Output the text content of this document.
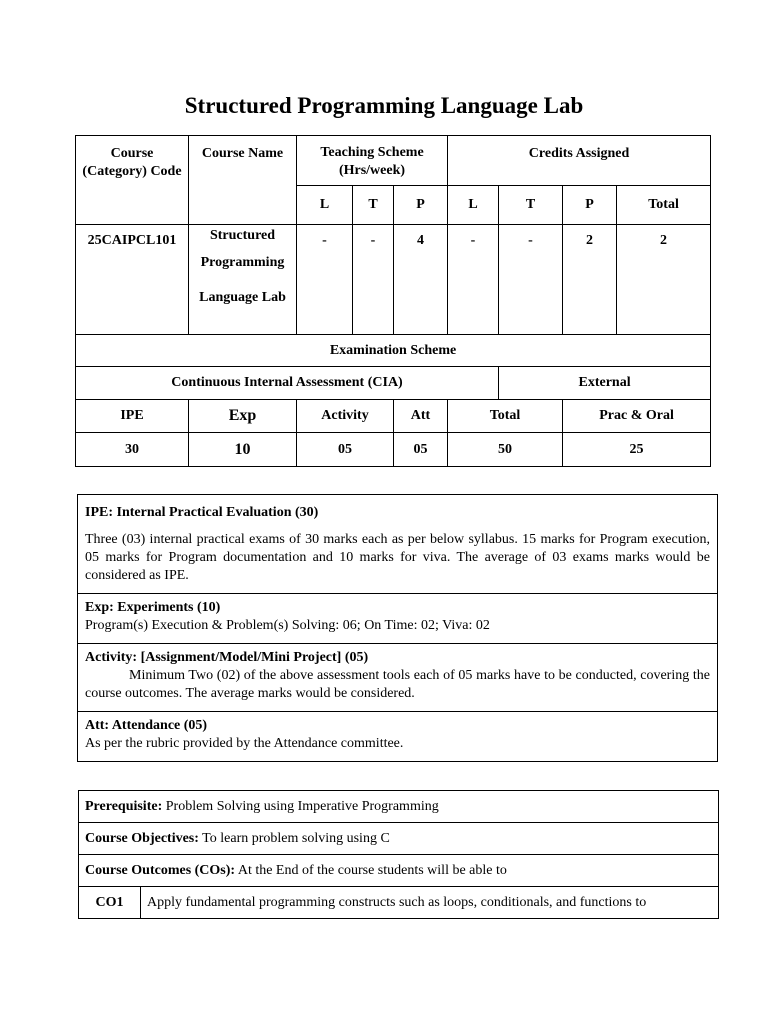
Structured Programming Language Lab
Course (Category) Code	Course Name	Teaching Scheme (Hrs/week)			Credits Assigned			
		L	T	P	L	T	P	Total
25CAIPCL101	Structured
Programming
Language Lab	-	-	4	-	-	2	2
Examination Scheme								
Continuous Internal Assessment (CIA)						External		
IPE	Exp	Activity		Att	Total		Prac & Oral	
30	10	05		05	50		25	
IPE: Internal Practical Evaluation (30)
Three (03) internal practical exams of 30 marks each as per below syllabus. 15 marks for Program execution, 05 marks for Program documentation and 10 marks for viva. The average of 03 exams marks would be considered as IPE.

Exp: Experiments (10)
Program(s) Execution & Problem(s) Solving: 06; On Time: 02; Viva: 02

Activity: [Assignment/Model/Mini Project] (05)
Minimum Two (02) of the above assessment tools each of 05 marks have to be conducted, covering the course outcomes. The average marks would be considered.

Att: Attendance (05)
As per the rubric provided by the Attendance committee.
Prerequisite: Problem Solving using Imperative Programming
Course Objectives: To learn problem solving using C
Course Outcomes (COs): At the End of the course students will be able to
CO1	Apply fundamental programming constructs such as loops, conditionals, and functions to
